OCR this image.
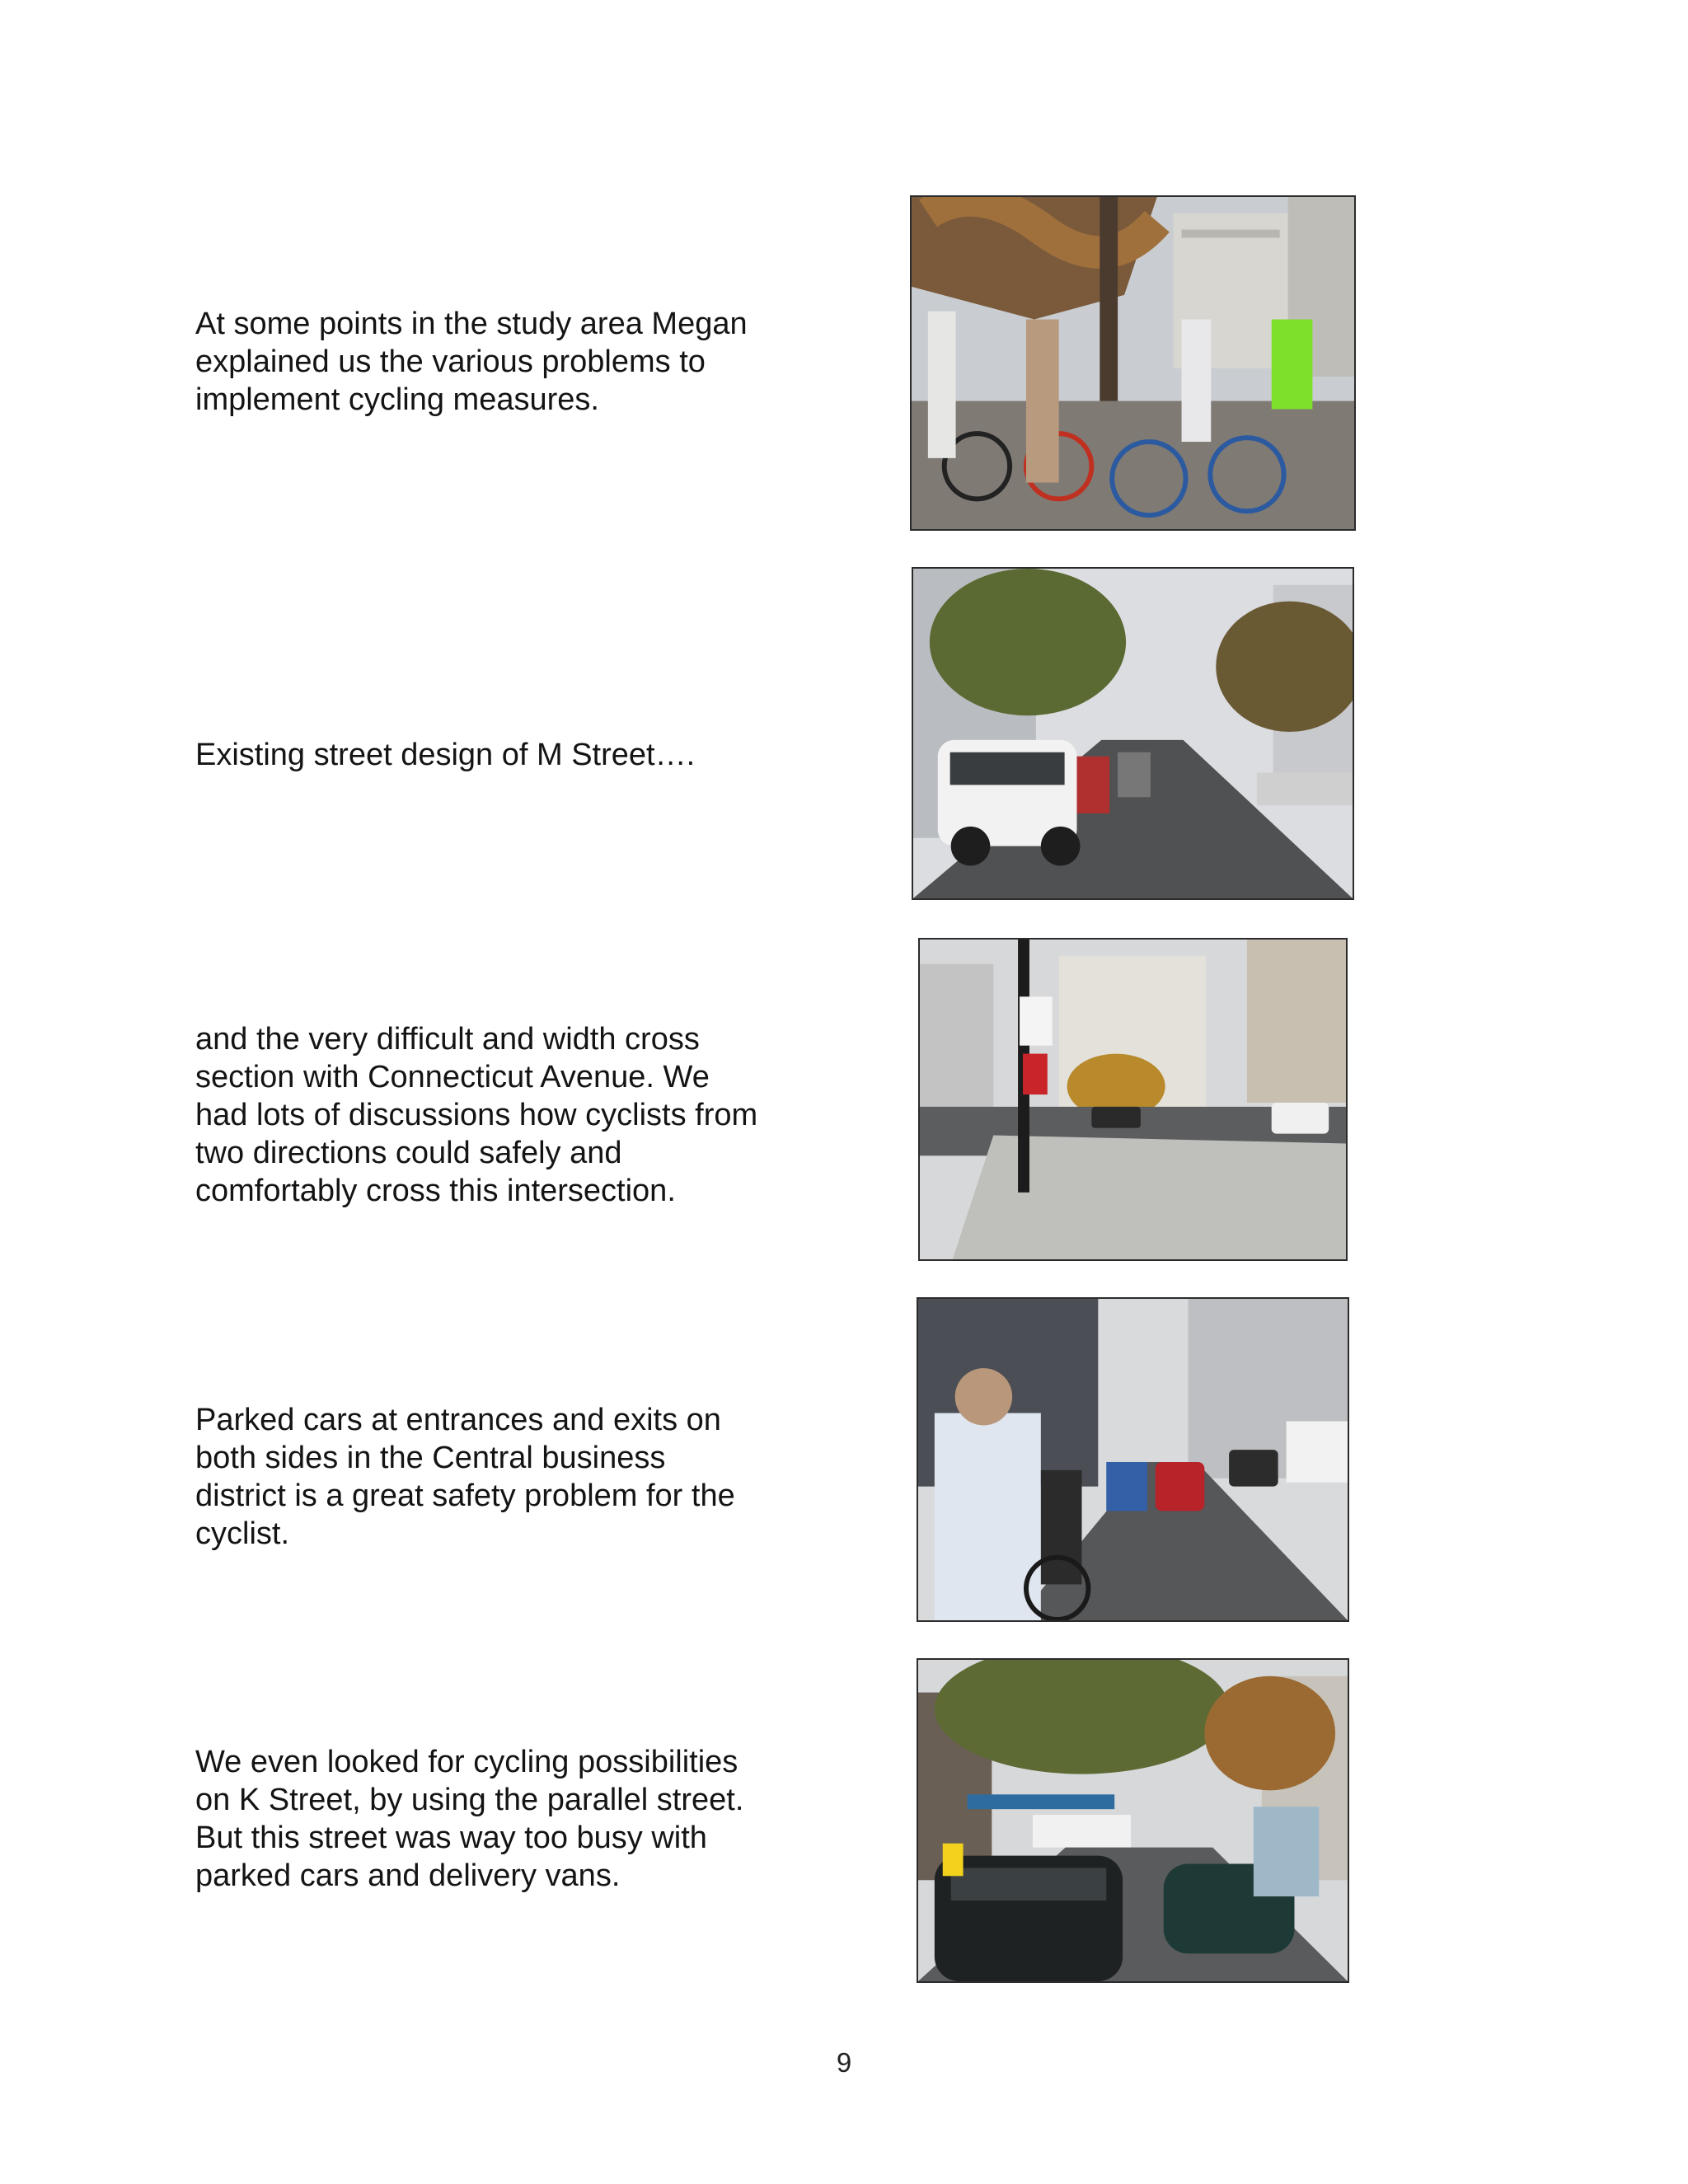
At some points in the study area Megan
explained us the various problems to
implement cycling measures.

Existing street design of M Street….

and the very difficult and width cross
section with Connecticut Avenue. We
had lots of discussions how cyclists from
two directions could safely and
comfortably cross this intersection.

Parked cars at entrances and exits on
both sides in the Central business
district is a great safety problem for the
cyclist.

We even looked for cycling possibilities
on K Street, by using the parallel street.
But this street was way too busy with
parked cars and delivery vans.

9
